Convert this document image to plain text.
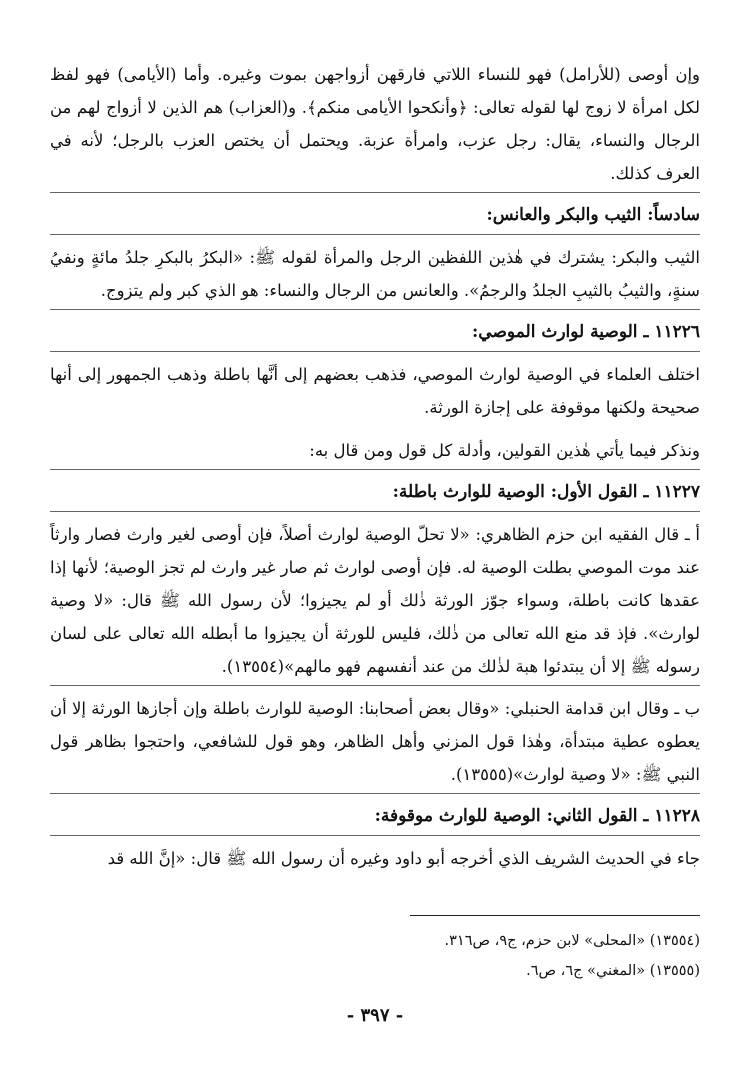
وإن أوصى (للأرامل) فهو للنساء اللاتي فارقهن أزواجهن بموت وغيره. وأما (الأيامى) فهو لفظ لكل امرأة لا زوج لها لقوله تعالى: ﴿وأنكحوا الأيامى منكم﴾. و(العزاب) هم الذين لا أزواج لهم من الرجال والنساء، يقال: رجل عزب، وامرأة عزبة. ويحتمل أن يختص العزب بالرجل؛ لأنه في العرف كذلك.

سادساً: الثيب والبكر والعانس:

الثيب والبكر: يشترك في هٰذين اللفظين الرجل والمرأة لقوله ﷺ: «البكرُ بالبكرِ جلدُ مائةٍ ونفيُ سنةٍ، والثيبُ بالثيبِ الجلدُ والرجمُ». والعانس من الرجال والنساء: هو الذي كبر ولم يتزوج.

١١٢٢٦ ـ الوصية لوارث الموصي:

اختلف العلماء في الوصية لوارث الموصي، فذهب بعضهم إلى أنَّها باطلة وذهب الجمهور إلى أنها صحيحة ولكنها موقوفة على إجازة الورثة.

ونذكر فيما يأتي هٰذين القولين، وأدلة كل قول ومن قال به:

١١٢٢٧ ـ القول الأول: الوصية للوارث باطلة:

أ ـ قال الفقيه ابن حزم الظاهري: «لا تحلّ الوصية لوارث أصلاً، فإن أوصى لغير وارث فصار وارثاً عند موت الموصي بطلت الوصية له. فإن أوصى لوارث ثم صار غير وارث لم تجز الوصية؛ لأنها إذا عقدها كانت باطلة، وسواء جوّز الورثة ذٰلك أو لم يجيزوا؛ لأن رسول الله ﷺ قال: «لا وصية لوارث». فإذ قد منع الله تعالى من ذٰلك، فليس للورثة أن يجيزوا ما أبطله الله تعالى على لسان رسوله ﷺ إلا أن يبتدئوا هبة لذٰلك من عند أنفسهم فهو مالهم»(١٣٥٥٤).

ب ـ وقال ابن قدامة الحنبلي: «وقال بعض أصحابنا: الوصية للوارث باطلة وإن أجازها الورثة إلا أن يعطوه عطية مبتدأة، وهٰذا قول المزني وأهل الظاهر، وهو قول للشافعي، واحتجوا بظاهر قول النبي ﷺ: «لا وصية لوارث»(١٣٥٥٥).

١١٢٢٨ ـ القول الثاني: الوصية للوارث موقوفة:

جاء في الحديث الشريف الذي أخرجه أبو داود وغيره أن رسول الله ﷺ قال: «إنَّ الله قد

(١٣٥٥٤) «المحلى» لابن حزم، ج٩، ص٣١٦.

(١٣٥٥٥) «المغني» ج٦، ص٦.

- ٣٩٧ -
